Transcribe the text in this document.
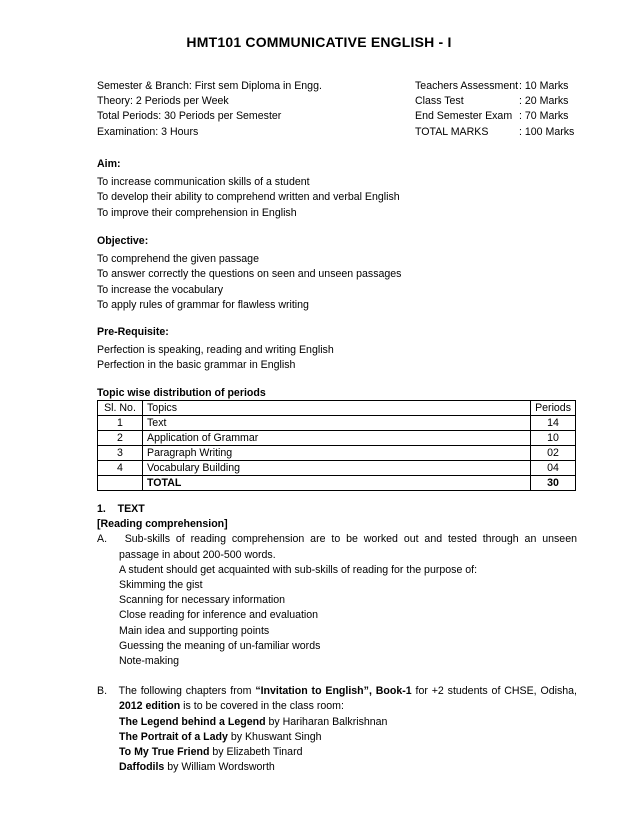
HMT101 COMMUNICATIVE ENGLISH - I
Semester & Branch: First sem Diploma in Engg.	Teachers Assessment : 10 Marks
Theory: 2 Periods per Week	Class Test	: 20 Marks
Total Periods: 30 Periods per Semester	End Semester Exam : 70 Marks
Examination: 3 Hours	TOTAL MARKS	: 100 Marks
Aim:
To increase communication skills of a student
To develop their ability to comprehend written and verbal English
To improve their comprehension in English
Objective:
To comprehend the given passage
To answer correctly the questions on seen and unseen passages
To increase the vocabulary
To apply rules of grammar for flawless writing
Pre-Requisite:
Perfection is speaking, reading and writing English
Perfection in the basic grammar in English
Topic wise distribution of periods
Sl. No.	Topics	Periods
1	Text	14
2	Application of Grammar	10
3	Paragraph Writing	02
4	Vocabulary Building	04
	TOTAL	30
1. TEXT
[Reading comprehension]
A. Sub-skills of reading comprehension are to be worked out and tested through an unseen
passage in about 200-500 words.
A student should get acquainted with sub-skills of reading for the purpose of:
Skimming the gist
Scanning for necessary information
Close reading for inference and evaluation
Main idea and supporting points
Guessing the meaning of un-familiar words
Note-making
B. The following chapters from “Invitation to English”, Book-1 for +2 students of CHSE, Odisha,
2012 edition is to be covered in the class room:
The Legend behind a Legend by Hariharan Balkrishnan
The Portrait of a Lady by Khuswant Singh
To My True Friend by Elizabeth Tinard
Daffodils by William Wordsworth
